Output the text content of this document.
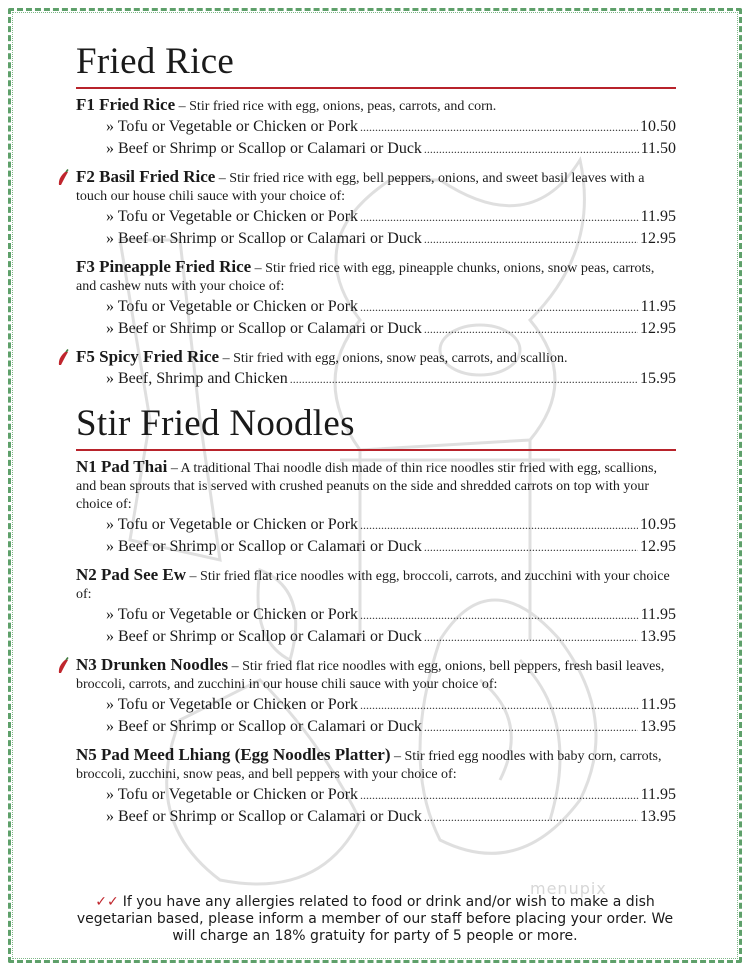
Fried Rice
F1 Fried Rice – Stir fried rice with egg, onions, peas, carrots, and corn.
» Tofu or Vegetable or Chicken or Pork .....	10.50
» Beef or Shrimp or Scallop or Calamari or Duck .....	11.50
F2 Basil Fried Rice – Stir fried rice with egg, bell peppers, onions, and sweet basil leaves with a touch our house chili sauce with your choice of:
» Tofu or Vegetable or Chicken or Pork .....	11.95
» Beef or Shrimp or Scallop or Calamari or Duck .....	12.95
F3 Pineapple Fried Rice – Stir fried rice with egg, pineapple chunks, onions, snow peas, carrots, and cashew nuts with your choice of:
» Tofu or Vegetable or Chicken or Pork .....	11.95
» Beef or Shrimp or Scallop or Calamari or Duck .....	12.95
F5 Spicy Fried Rice – Stir fried with egg, onions, snow peas, carrots, and scallion.
» Beef, Shrimp and Chicken .....	15.95
Stir Fried Noodles
N1 Pad Thai – A traditional Thai noodle dish made of thin rice noodles stir fried with egg, scallions, and bean sprouts that is served with crushed peanuts on the side and shredded carrots on top with your choice of:
» Tofu or Vegetable or Chicken or Pork .....	10.95
» Beef or Shrimp or Scallop or Calamari or Duck .....	12.95
N2 Pad See Ew – Stir fried flat rice noodles with egg, broccoli, carrots, and zucchini with your choice of:
» Tofu or Vegetable or Chicken or Pork .....	11.95
» Beef or Shrimp or Scallop or Calamari or Duck .....	13.95
N3 Drunken Noodles – Stir fried flat rice noodles with egg, onions, bell peppers, fresh basil leaves, broccoli, carrots, and zucchini in our house chili sauce with your choice of:
» Tofu or Vegetable or Chicken or Pork .....	11.95
» Beef or Shrimp or Scallop or Calamari or Duck .....	13.95
N5 Pad Meed Lhiang (Egg Noodles Platter) – Stir fried egg noodles with baby corn, carrots, broccoli, zucchini, snow peas, and bell peppers with your choice of:
» Tofu or Vegetable or Chicken or Pork .....	11.95
» Beef or Shrimp or Scallop or Calamari or Duck .....	13.95
menupix
✓✓ If you have any allergies related to food or drink and/or wish to make a dish vegetarian based, please inform a member of our staff before placing your order. We will charge an 18% gratuity for party of 5 people or more.
